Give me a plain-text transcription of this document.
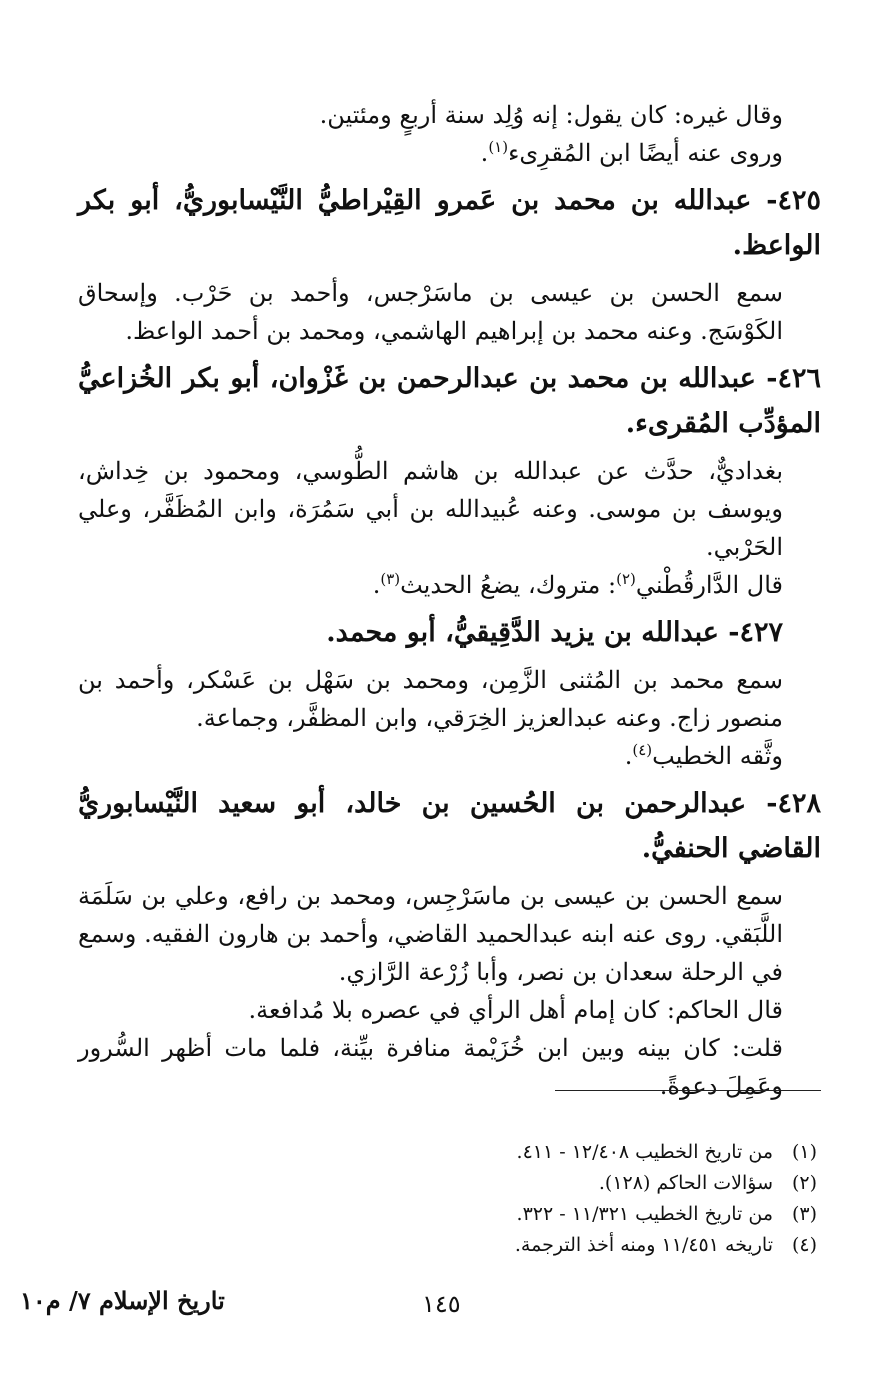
وقال غيره: كان يقول: إنه وُلِد سنة أربعٍ ومئتين.

وروى عنه أيضًا ابن المُقرِىء$^{(١)}$.

٤٢٥- عبدالله بن محمد بن عَمرو القِيْراطيُّ النَّيْسابوريُّ، أبو بكر الواعظ.

سمع الحسن بن عيسى بن ماسَرْجس، وأحمد بن حَرْب. وإسحاق الكَوْسَج. وعنه محمد بن إبراهيم الهاشمي، ومحمد بن أحمد الواعظ.

٤٢٦- عبدالله بن محمد بن عبدالرحمن بن غَزْوان، أبو بكر الخُزاعيُّ المؤدِّب المُقرىء.

بغداديٌّ، حدَّث عن عبدالله بن هاشم الطُّوسي، ومحمود بن خِداش، ويوسف بن موسى. وعنه عُبيدالله بن أبي سَمُرَة، وابن المُظَفَّر، وعلي الحَرْبي.

قال الدَّارقُطْني$^{(٢)}$: متروك، يضعُ الحديث$^{(٣)}$.

٤٢٧- عبدالله بن يزيد الدَّقِيقيُّ، أبو محمد.

سمع محمد بن المُثنى الزَّمِن، ومحمد بن سَهْل بن عَسْكر، وأحمد بن منصور زاج. وعنه عبدالعزيز الخِرَقي، وابن المظفَّر، وجماعة.

وثَّقه الخطيب$^{(٤)}$.

٤٢٨- عبدالرحمن بن الحُسين بن خالد، أبو سعيد النَّيْسابوريُّ القاضي الحنفيُّ.

سمع الحسن بن عيسى بن ماسَرْجِس، ومحمد بن رافع، وعلي بن سَلَمَة اللَّبَقي. روى عنه ابنه عبدالحميد القاضي، وأحمد بن هارون الفقيه. وسمع في الرحلة سعدان بن نصر، وأبا زُرْعة الرَّازي.

قال الحاكم: كان إمام أهل الرأي في عصره بلا مُدافعة.

قلت: كان بينه وبين ابن خُزَيْمة منافرة بيِّنة، فلما مات أظهر السُّرور وعَمِلَ دعوةً.

(١)
من تاريخ الخطيب ١٢/٤٠٨ - ٤١١.
(٢)
سؤالات الحاكم (١٢٨).
(٣)
من تاريخ الخطيب ١١/٣٢١ - ٣٢٢.
(٤)
تاريخه ١١/٤٥١ ومنه أخذ الترجمة.
١٤٥
تاريخ الإسلام ٧/ م١٠
